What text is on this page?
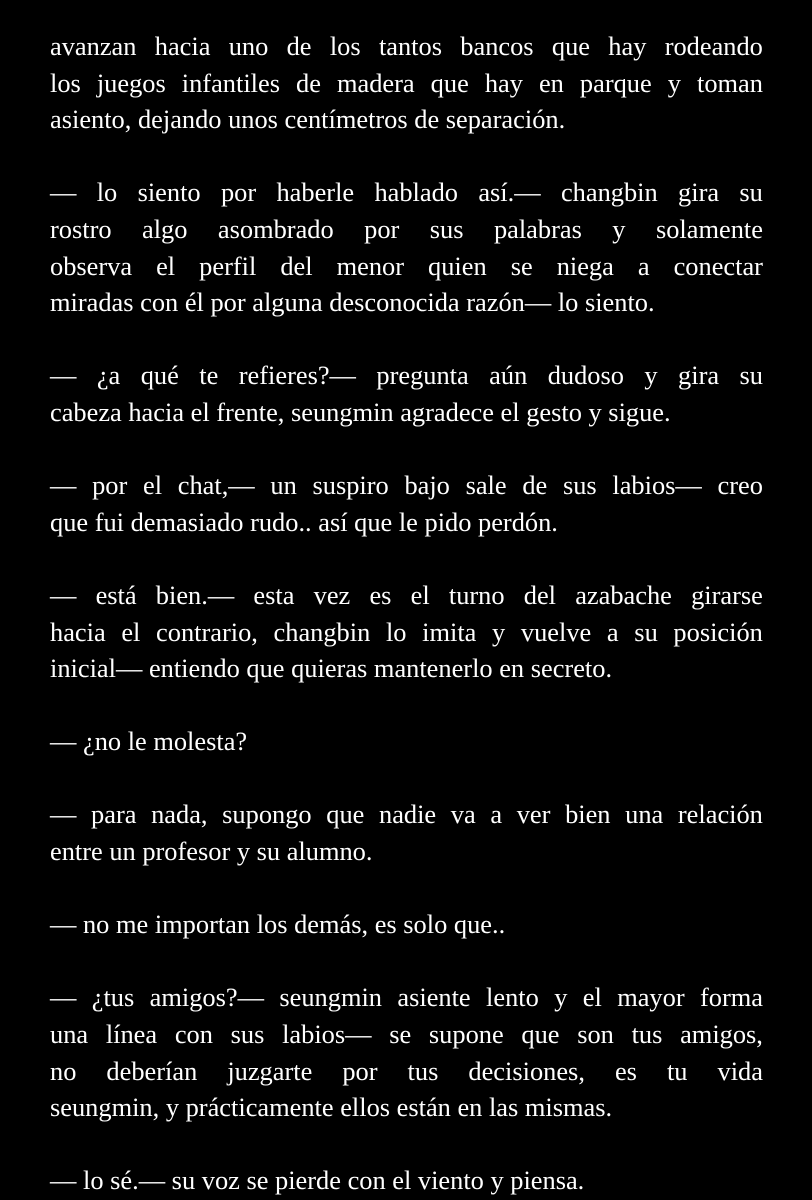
avanzan hacia uno de los tantos bancos que hay rodeando
los juegos infantiles de madera que hay en parque y toman
asiento, dejando unos centímetros de separación.
— lo siento por haberle hablado así.— changbin gira su
rostro algo asombrado por sus palabras y solamente
observa el perfil del menor quien se niega a conectar
miradas con él por alguna desconocida razón— lo siento.
— ¿a qué te refieres?— pregunta aún dudoso y gira su
cabeza hacia el frente, seungmin agradece el gesto y sigue.
— por el chat,— un suspiro bajo sale de sus labios— creo
que fui demasiado rudo.. así que le pido perdón.
— está bien.— esta vez es el turno del azabache girarse
hacia el contrario, changbin lo imita y vuelve a su posición
inicial— entiendo que quieras mantenerlo en secreto.
— ¿no le molesta?
— para nada, supongo que nadie va a ver bien una relación
entre un profesor y su alumno.
— no me importan los demás, es solo que..
— ¿tus amigos?— seungmin asiente lento y el mayor forma
una línea con sus labios— se supone que son tus amigos,
no deberían juzgarte por tus decisiones, es tu vida
seungmin, y prácticamente ellos están en las mismas.
— lo sé.— su voz se pierde con el viento y piensa.
